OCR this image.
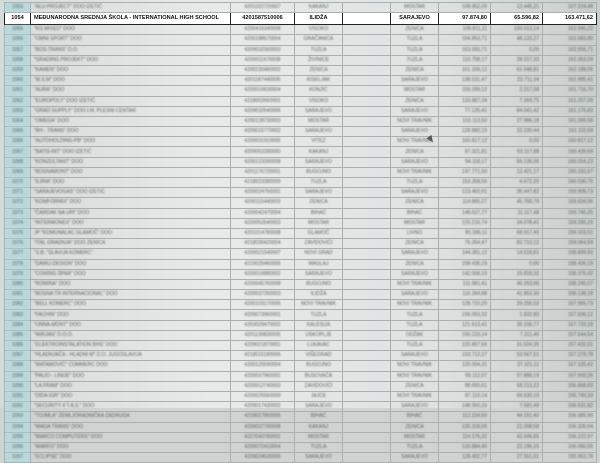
1053	"ALU PROJECT" DOO IZETIĆ	4201022720007	KAKANJ		MOSTAR	108.952,00	12.445,21	107.224,48
1054	MEĐUNARODNA SREDNJA ŠKOLA - INTERNATIONAL HIGH SCHOOL	4201587510006	ILIDŽA		SARAJEVO	97.874,80	65.596,82	163.471,62
1055	"KG MIXED" DOO	4200416340008	VISOKO		ZENICA	108.811,11	100.012,14	162.945,22
1056	"OMNI SPORT" DOO	4200188670004	GRAČANICA		TUZLA	104.853,71	48.133,27	162.683,80
1057	"BOS-TRANS" D.O.	4209032560003	TUZLA		TUZLA	163.555,71	0,00	162.555,71
1058	"GRADING PROJEKT" DOO	4200011670008	ŽIVINICE		TUZLA	110.758,17	28.017,33	162.353,09
1059	"KAMEN" DOO	4200230480002	ZENICA		ZENICA	101.339,12	61.048,81	162.188,05
1060	"M.S.M" DOO	4201187440006	KISELJAK		SARAJEVO	138.531,47	23.711,34	161.985,41
1061	"AURA" DOO	4200016630004	KONJIC		MOSTAR	159.399,12	2.317,58	161.716,70
1062	"EUROPOLY" DOO IZETIĆ	4218002660001	VISOKO		ZENICA	133.887,34	7.369,75	161.257,09
1063	"GRAD SUPPLY" DOO I.M. PLESNI CENTAR	4209032640006	SARAJEVO		SARAJEVO	77.135,41	84.041,42	161.176,83
1064	"OMEGA" DOO	4200128730003	MOSTAR		NOVI TRAVNIK	133.113,50	27.986,18	161.099,68
1065	"BH - TRANS" DOO	4209015770002	SARAJEVO		SARAJEVO	128.880,15	32.230,44	161.110,59
1066	"AUTOHOLDING-PB" DOO	4200031910005	VITEZ		NOVI TRAVNIK	160.817,12	0,00	160.817,12
1067	"BATIS-INT" DOO IZETIĆ	4209053280000	KAKANJ		ZENICA	97.321,81	63.117,88	160.439,69
1068	"KONZULTANT" DOO	4200123390008	SARAJEVO		SARAJEVO	94.118,17	66.136,06	160.254,23
1069	"BOSNAMONT" DOO	4201176720001	BUGOJNO		NOVI TRAVNIK	147.771,50	12.421,17	160.192,67
1070	"ILIRIA" DOO	4218023380009	TUZLA		TUZLA	153.358,55	6.672,20	160.030,75
1071	"SARAJEVOGAS" DOO IZETIĆ	4200024750001	SARAJEVO		SARAJEVO	123.460,91	36.447,82	159.908,73
1072	"KOMFORMIX" DOO	4200115440003	ZENICA		ZENICA	114.865,27	45.768,79	159.634,06
1073	"ČARDAK NA URI" DOO	4200042470004	BIHAĆ		BIHAĆ	148.627,77	11.117,48	159.745,25
1074	"INTERMONEX" DOO	4200052640003	MOSTAR		MOSTAR	125.216,74	34.078,41	159.295,15
1075	JP "KOMUNALAC GLAMOČ" DOO	4201014780008	GLAMOČ		LIVNO	90.186,11	68.917,40	159.103,51
1076	"ITAL GRADNJA" DOO ZENICA	4218030420004	ZAVIDOVIĆI		ZENICA	76.354,47	82.710,12	159.064,59
1077	"S.B. "SLAVIJA KOMERC"	4200021540007	NOVI GRAD		SARAJEVO	144.381,12	14.518,81	158.899,93
1078	"DAMIJ-DESIGN" DOO	4219025460006	MAGLAJ		ZENICA	158.436,19	0,00	158.436,19
1079	"COMING ŠPAR" DOO	4200016880002	SARAJEVO		SARAJEVO	142.558,10	15.818,32	158.376,42
1080	"ROMINA" DOO	4200045760008	BUGOJNO		NOVI TRAVNIK	111.981,41	46.263,66	158.245,07
1081	"BOSNA TR INTERNACIONAL" DOO	4200037260003	ILIDŽA		SARAJEVO	116.284,88	41.853,30	158.138,18
1082	"BELL KOMERC" DOO	4200103170005	NOVI TRAVNIK		NOVI TRAVNIK	128.710,20	29.255,53	157.965,73
1083	"FACHIN" DOO	4209073960001	TUZLA		TUZLA	156.003,32	1.832,80	157.836,12
1084	"UNNA-MONT" DOO	4263029470002	KALESIJA		TUZLA	121.613,41	36.106,77	157.720,18
1085	"MIRJAN" D.O.O.	4201139830005	USKOPLJE		ODŽAK	150.233,14	7.311,40	157.544,54
1086	"ELEKTROINSTALATION BHS" DOO	4209021870001	LUKAVAC		TUZLA	125.807,66	31.624,35	157.432,01
1087	"HLADNJAČA - HLADNI M" D.O. JUGOSLAVIJA	4218015180006	VIŠEGRAD		SARAJEVO	103.712,27	53.567,51	157.279,78
1088	"MATAMOVIĆ" COMMERC DOO	4200125590004	BUGOJNO		NOVI TRAVNIK	120.004,31	37.101,11	157.105,42
1089	"PALIO - LINIJE" DOO	4200037960001	BUSOVAČA		NOVI TRAVNIK	99.112,07	57.888,19	157.000,26
1090	"LA FRAM" DOO	4200012740003	ZAVIDOVIĆI		ZENICA	98.655,61	58.213,22	156.868,83
1091	"DIDA IGR" DOO	4200025560009	JAJCE		NOVI TRAVNIK	87.110,14	69.630,19	156.740,33
1092	"SECURITY 4 T.A.S." DOO	4209017430002	SARAJEVO		SARAJEVO	148.950,33	7.581,49	156.531,82
1093	"TOJMLA" ZEMLJORADNIČKA ZADRUGA	4218027860005	BIHAĆ		BIHAĆ	112.234,50	44.151,40	156.385,90
1094	"MAGA TRANS" DOO	4200037790008	KAKANJ		ZENICA	135.318,06	21.008,58	156.326,64
1095	"MARCO COMPUTERS" DOO	4227043780001	MOSTAR		MOSTAR	114.176,32	42.046,65	156.222,97
1096	"MARFO" DOO	4200072410004	TUZLA		TUZLA	133.884,40	22.196,15	156.080,55
1097	"ECLIPSE" DOO	4209034630006	SARAJEVO		SARAJEVO	128.402,77	27.551,01	155.953,78
